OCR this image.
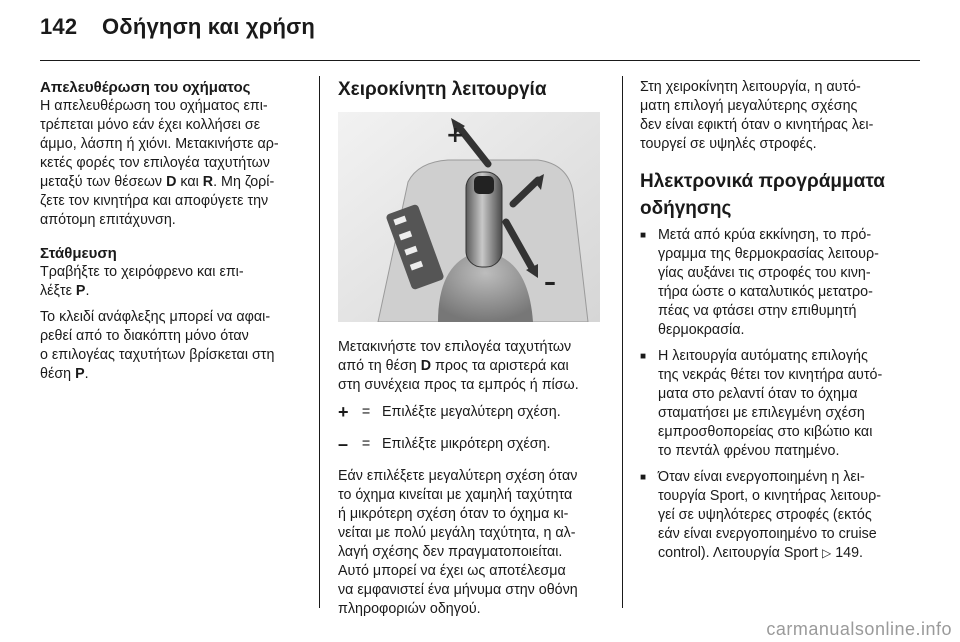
142 Οδήγηση και χρήση
Απελευθέρωση του οχήματος

Η απελευθέρωση του οχήματος επι-
τρέπεται μόνο εάν έχει κολλήσει σε
άμμο, λάσπη ή χιόνι. Μετακινήστε αρ-
κετές φορές τον επιλογέα ταχυτήτων
μεταξύ των θέσεων D και R. Μη ζορί-
ζετε τον κινητήρα και αποφύγετε την
απότομη επιτάχυνση.

Στάθμευση

Τραβήξτε το χειρόφρενο και επι-
λέξτε P.

Το κλειδί ανάφλεξης μπορεί να αφαι-
ρεθεί από το διακόπτη μόνο όταν
ο επιλογέας ταχυτήτων βρίσκεται στη
θέση P.

Χειροκίνητη λειτουργία
+
–

Μετακινήστε τον επιλογέα ταχυτήτων
από τη θέση D προς τα αριστερά και
στη συνέχεια προς τα εμπρός ή πίσω.

+ = Επιλέξτε μεγαλύτερη σχέση.
– = Επιλέξτε μικρότερη σχέση.

Εάν επιλέξετε μεγαλύτερη σχέση όταν
το όχημα κινείται με χαμηλή ταχύτητα
ή μικρότερη σχέση όταν το όχημα κι-
νείται με πολύ μεγάλη ταχύτητα, η αλ-
λαγή σχέσης δεν πραγματοποιείται.
Αυτό μπορεί να έχει ως αποτέλεσμα
να εμφανιστεί ένα μήνυμα στην οθόνη
πληροφοριών οδηγού.

Στη χειροκίνητη λειτουργία, η αυτό-
ματη επιλογή μεγαλύτερης σχέσης
δεν είναι εφικτή όταν ο κινητήρας λει-
τουργεί σε υψηλές στροφές.

Ηλεκτρονικά προγράμματα
οδήγησης
■ Μετά από κρύα εκκίνηση, το πρό-
γραμμα της θερμοκρασίας λειτουρ-
γίας αυξάνει τις στροφές του κινη-
τήρα ώστε ο καταλυτικός μετατρο-
πέας να φτάσει στην επιθυμητή
θερμοκρασία.
■ Η λειτουργία αυτόματης επιλογής
της νεκράς θέτει τον κινητήρα αυτό-
ματα στο ρελαντί όταν το όχημα
σταματήσει με επιλεγμένη σχέση
εμπροσθοπορείας στο κιβώτιο και
το πεντάλ φρένου πατημένο.
■ Όταν είναι ενεργοποιημένη η λει-
τουργία Sport, ο κινητήρας λειτουρ-
γεί σε υψηλότερες στροφές (εκτός
εάν είναι ενεργοποιημένο το cruise
control). Λειτουργία Sport ▷ 149.
carmanualsonline.info
